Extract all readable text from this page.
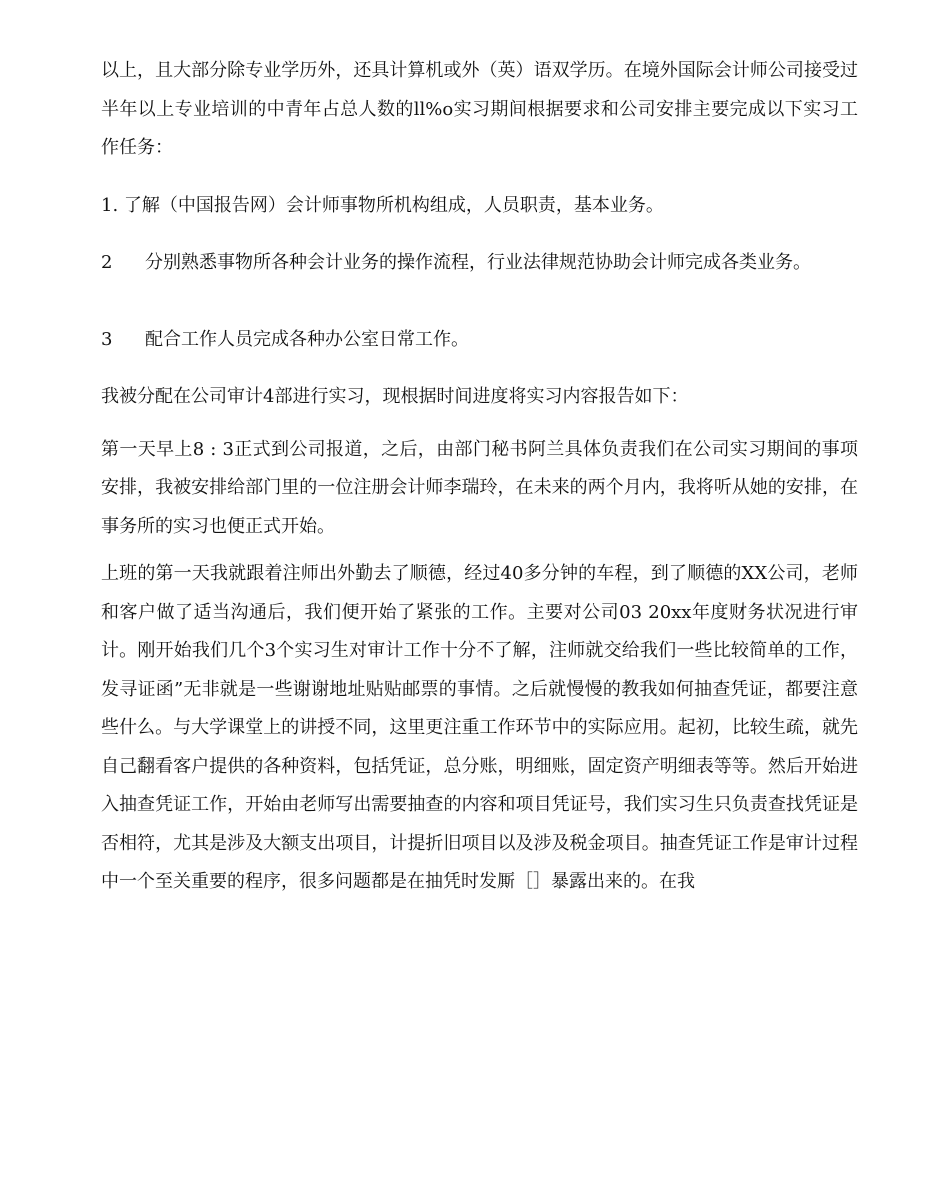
以上，且大部分除专业学历外，还具计算机或外（英）语双学历。在境外国际会计师公司接受过半年以上专业培训的中青年占总人数的ll%o实习期间根据要求和公司安排主要完成以下实习工作任务：

1. 了解（中国报告网）会计师事物所机构组成，人员职责，基本业务。

2 分别熟悉事物所各种会计业务的操作流程，行业法律规范协助会计师完成各类业务。

3 配合工作人员完成各种办公室日常工作。

我被分配在公司审计4部进行实习，现根据时间进度将实习内容报告如下：

第一天早上8 : 3正式到公司报道，之后，由部门秘书阿兰具体负责我们在公司实习期间的事项安排，我被安排给部门里的一位注册会计师李瑞玲，在未来的两个月内，我将听从她的安排，在事务所的实习也便正式开始。

上班的第一天我就跟着注师出外勤去了顺德，经过40多分钟的车程，到了顺德的XX公司，老师和客户做了适当沟通后，我们便开始了紧张的工作。主要对公司03 20xx年度财务状况进行审计。刚开始我们几个3个实习生对审计工作十分不了解，注师就交给我们一些比较简单的工作，发寻证函”无非就是一些谢谢地址贴贴邮票的事情。之后就慢慢的教我如何抽查凭证，都要注意些什么。与大学课堂上的讲授不同，这里更注重工作环节中的实际应用。起初，比较生疏，就先自己翻看客户提供的各种资料，包括凭证，总分账，明细账，固定资产明细表等等。然后开始进入抽查凭证工作，开始由老师写出需要抽查的内容和项目凭证号，我们实习生只负责查找凭证是否相符，尤其是涉及大额支出项目，计提折旧项目以及涉及税金项目。抽查凭证工作是审计过程中一个至关重要的程序，很多问题都是在抽凭时发厮［］暴露出来的。在我
